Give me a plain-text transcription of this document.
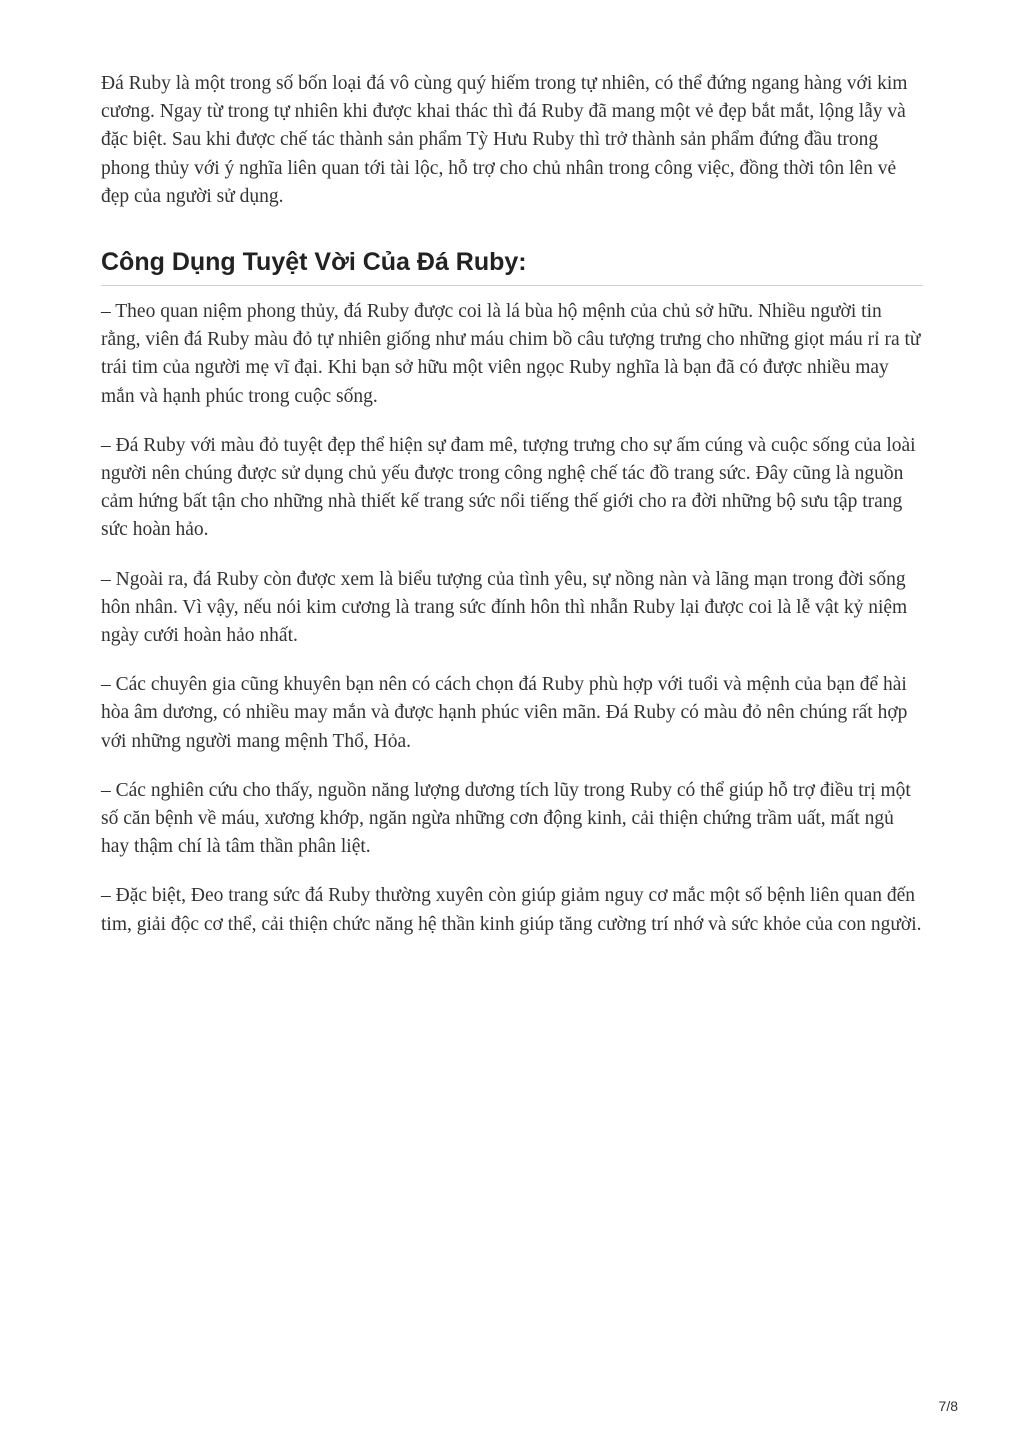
Đá Ruby là một trong số bốn loại đá vô cùng quý hiếm trong tự nhiên, có thể đứng ngang hàng với kim cương. Ngay từ trong tự nhiên khi được khai thác thì đá Ruby đã mang một vẻ đẹp bắt mắt, lộng lẫy và đặc biệt. Sau khi được chế tác thành sản phẩm Tỳ Hưu Ruby thì trở thành sản phẩm đứng đầu trong phong thủy với ý nghĩa liên quan tới tài lộc, hỗ trợ cho chủ nhân trong công việc, đồng thời tôn lên vẻ đẹp của người sử dụng.

Công Dụng Tuyệt Vời Của Đá Ruby:

– Theo quan niệm phong thủy, đá Ruby được coi là lá bùa hộ mệnh của chủ sở hữu. Nhiều người tin rằng, viên đá Ruby màu đỏ tự nhiên giống như máu chim bồ câu tượng trưng cho những giọt máu rỉ ra từ trái tim của người mẹ vĩ đại. Khi bạn sở hữu một viên ngọc Ruby nghĩa là bạn đã có được nhiều may mắn và hạnh phúc trong cuộc sống.

– Đá Ruby với màu đỏ tuyệt đẹp thể hiện sự đam mê, tượng trưng cho sự ấm cúng và cuộc sống của loài người nên chúng được sử dụng chủ yếu được trong công nghệ chế tác đồ trang sức. Đây cũng là nguồn cảm hứng bất tận cho những nhà thiết kế trang sức nổi tiếng thế giới cho ra đời những bộ sưu tập trang sức hoàn hảo.

– Ngoài ra, đá Ruby còn được xem là biểu tượng của tình yêu, sự nồng nàn và lãng mạn trong đời sống hôn nhân. Vì vậy, nếu nói kim cương là trang sức đính hôn thì nhẫn Ruby lại được coi là lễ vật kỷ niệm ngày cưới hoàn hảo nhất.

– Các chuyên gia cũng khuyên bạn nên có cách chọn đá Ruby phù hợp với tuổi và mệnh của bạn để hài hòa âm dương, có nhiều may mắn và được hạnh phúc viên mãn. Đá Ruby có màu đỏ nên chúng rất hợp với những người mang mệnh Thổ, Hỏa.

– Các nghiên cứu cho thấy, nguồn năng lượng dương tích lũy trong Ruby có thể giúp hỗ trợ điều trị một số căn bệnh về máu, xương khớp, ngăn ngừa những cơn động kinh, cải thiện chứng trầm uất, mất ngủ hay thậm chí là tâm thần phân liệt.

– Đặc biệt, Đeo trang sức đá Ruby thường xuyên còn giúp giảm nguy cơ mắc một số bệnh liên quan đến tim, giải độc cơ thể, cải thiện chức năng hệ thần kinh giúp tăng cường trí nhớ và sức khỏe của con người.

7/8
